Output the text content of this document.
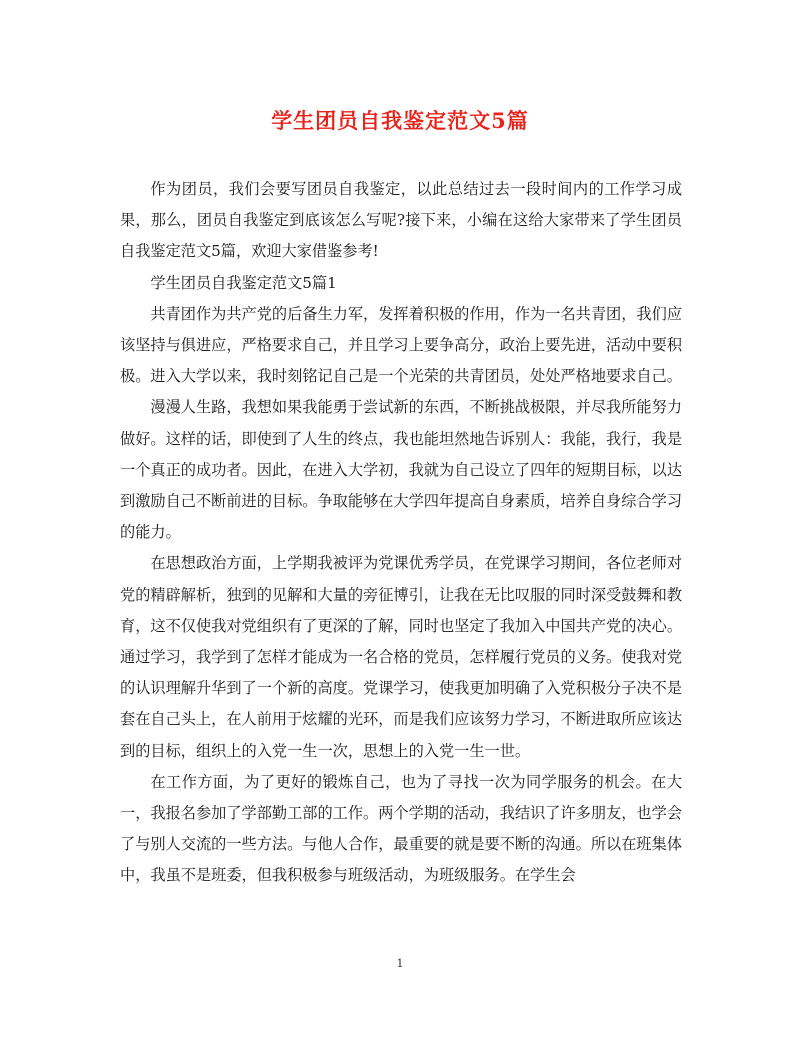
学生团员自我鉴定范文5篇

作为团员，我们会要写团员自我鉴定，以此总结过去一段时间内的工作学习成果，那么，团员自我鉴定到底该怎么写呢?接下来，小编在这给大家带来了学生团员自我鉴定范文5篇，欢迎大家借鉴参考!

学生团员自我鉴定范文5篇1

共青团作为共产党的后备生力军，发挥着积极的作用，作为一名共青团，我们应该坚持与俱进应，严格要求自己，并且学习上要争高分，政治上要先进，活动中要积极。进入大学以来，我时刻铭记自己是一个光荣的共青团员，处处严格地要求自己。

漫漫人生路，我想如果我能勇于尝试新的东西，不断挑战极限，并尽我所能努力做好。这样的话，即使到了人生的终点，我也能坦然地告诉别人：我能，我行，我是一个真正的成功者。因此，在进入大学初，我就为自己设立了四年的短期目标，以达到激励自己不断前进的目标。争取能够在大学四年提高自身素质，培养自身综合学习的能力。

在思想政治方面，上学期我被评为党课优秀学员，在党课学习期间，各位老师对党的精辟解析，独到的见解和大量的旁征博引，让我在无比叹服的同时深受鼓舞和教育，这不仅使我对党组织有了更深的了解，同时也坚定了我加入中国共产党的决心。通过学习，我学到了怎样才能成为一名合格的党员，怎样履行党员的义务。使我对党的认识理解升华到了一个新的高度。党课学习，使我更加明确了入党积极分子决不是套在自己头上，在人前用于炫耀的光环，而是我们应该努力学习，不断进取所应该达到的目标，组织上的入党一生一次，思想上的入党一生一世。

在工作方面，为了更好的锻炼自己，也为了寻找一次为同学服务的机会。在大一，我报名参加了学部勤工部的工作。两个学期的活动，我结识了许多朋友，也学会了与别人交流的一些方法。与他人合作，最重要的就是要不断的沟通。所以在班集体中，我虽不是班委，但我积极参与班级活动，为班级服务。在学生会

1
